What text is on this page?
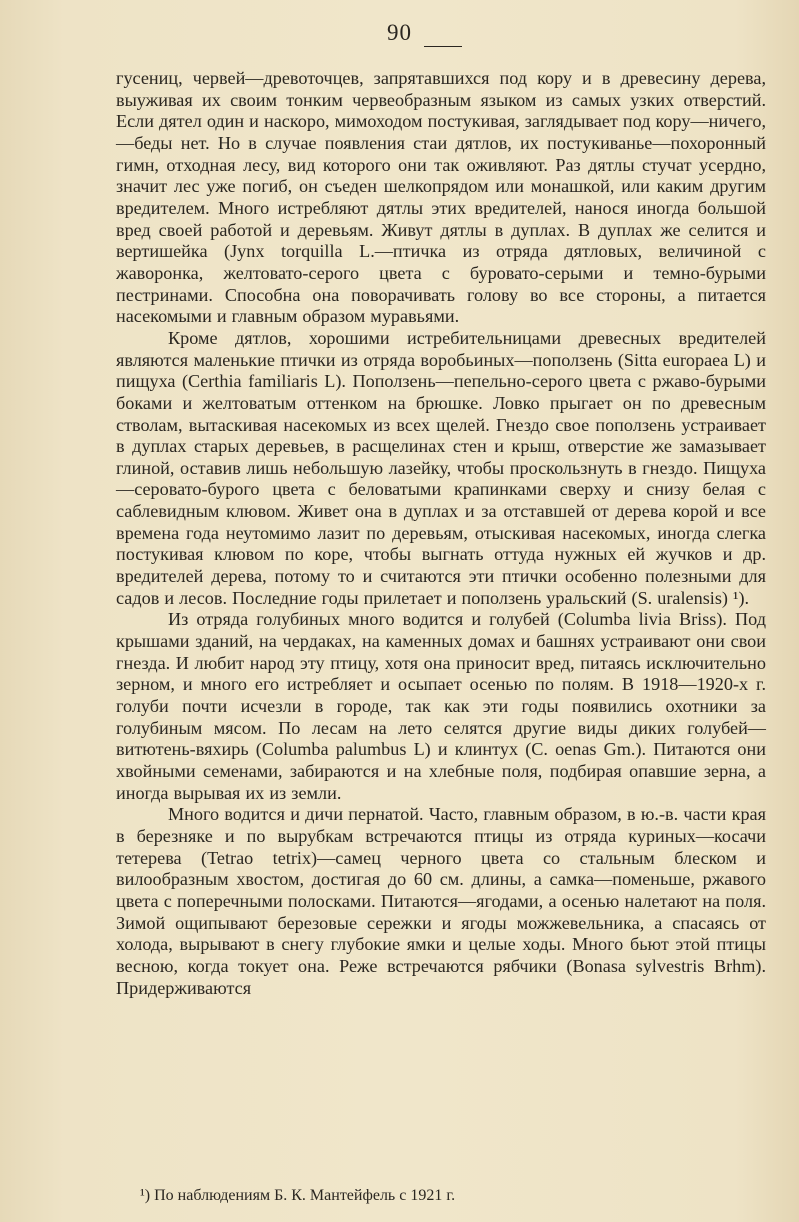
90

гусениц, червей—древоточцев, запрятавшихся под кору и в древесину дерева, выуживая их своим тонким червеобразным языком из самых узких отверстий. Если дятел один и наскоро, мимоходом постукивая, заглядывает под кору—ничего,—беды нет. Но в случае появления стаи дятлов, их постукиванье—похоронный гимн, отходная лесу, вид которого они так оживляют. Раз дятлы стучат усердно, значит лес уже погиб, он съеден шелкопрядом или монашкой, или каким другим вредителем. Много истребляют дятлы этих вредителей, нанося иногда большой вред своей работой и деревьям. Живут дятлы в дуплах. В дуплах же селится и вертишейка (Jynx torquilla L.—птичка из отряда дятловых, величиной с жаворонка, желтовато-серого цвета с буровато-серыми и темно-бурыми пестринами. Способна она поворачивать голову во все стороны, а питается насекомыми и главным образом муравьями.

Кроме дятлов, хорошими истребительницами древесных вредителей являются маленькие птички из отряда воробьиных—поползень (Sitta europaea L) и пищуха (Certhia familiaris L). Поползень—пепельно-серого цвета с ржаво-бурыми боками и желтоватым оттенком на брюшке. Ловко прыгает он по древесным стволам, вытаскивая насекомых из всех щелей. Гнездо свое поползень устраивает в дуплах старых деревьев, в расщелинах стен и крыш, отверстие же замазывает глиной, оставив лишь небольшую лазейку, чтобы проскользнуть в гнездо. Пищуха—серовато-бурого цвета с беловатыми крапинками сверху и снизу белая с саблевидным клювом. Живет она в дуплах и за отставшей от дерева корой и все времена года неутомимо лазит по деревьям, отыскивая насекомых, иногда слегка постукивая клювом по коре, чтобы выгнать оттуда нужных ей жучков и др. вредителей дерева, потому то и считаются эти птички особенно полезными для садов и лесов. Последние годы прилетает и поползень уральский (S. uralensis) ¹).

Из отряда голубиных много водится и голубей (Columba livia Briss). Под крышами зданий, на чердаках, на каменных домах и башнях устраивают они свои гнезда. И любит народ эту птицу, хотя она приносит вред, питаясь исключительно зерном, и много его истребляет и осыпает осенью по полям. В 1918—1920-х г. голуби почти исчезли в городе, так как эти годы появились охотники за голубиным мясом. По лесам на лето селятся другие виды диких голубей—витютень-вяхирь (Columba palumbus L) и клинтух (C. oenas Gm.). Питаются они хвойными семенами, забираются и на хлебные поля, подбирая опавшие зерна, а иногда вырывая их из земли.

Много водится и дичи пернатой. Часто, главным образом, в ю.-в. части края в березняке и по вырубкам встречаются птицы из отряда куриных—косачи тетерева (Tetrao tetrix)—самец черного цвета со стальным блеском и вилообразным хвостом, достигая до 60 см. длины, а самка—поменьше, ржавого цвета с поперечными полосками. Питаются—ягодами, а осенью налетают на поля. Зимой ощипывают березовые сережки и ягоды можжевельника, а спасаясь от холода, вырывают в снегу глубокие ямки и целые ходы. Много бьют этой птицы весною, когда токует она. Реже встречаются рябчики (Bonasa sylvestris Brhm). Придерживаются

¹) По наблюдениям Б. К. Мантейфель с 1921 г.
